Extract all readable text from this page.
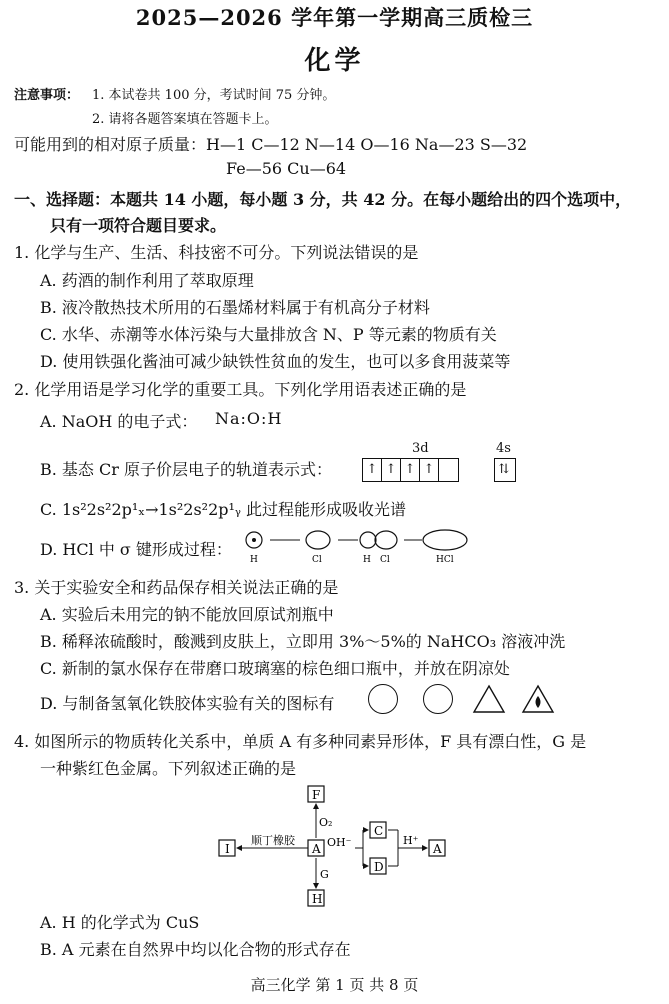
2025—2026 学年第一学期高三质检三
化学
注意事项： 1. 本试卷共 100 分，考试时间 75 分钟。
2. 请将各题答案填在答题卡上。
可能用到的相对原子质量：H—1 C—12 N—14 O—16 Na—23 S—32
Fe—56 Cu—64
一、选择题：本题共 14 小题，每小题 3 分，共 42 分。在每小题给出的四个选项中，
只有一项符合题目要求。
1. 化学与生产、生活、科技密不可分。下列说法错误的是
A. 药酒的制作利用了萃取原理
B. 液冷散热技术所用的石墨烯材料属于有机高分子材料
C. 水华、赤潮等水体污染与大量排放含 N、P 等元素的物质有关
D. 使用铁强化酱油可减少缺铁性贫血的发生，也可以多食用菠菜等
2. 化学用语是学习化学的重要工具。下列化学用语表述正确的是
A. NaOH 的电子式： Na:O:H
B. 基态 Cr 原子价层电子的轨道表示式：
3d	4s
↑ ↑ ↑ ↑	⇅
C. 1s²2s²2p¹ₓ→1s²2s²2p¹ᵧ 此过程能形成吸收光谱
D. HCl 中 σ 键形成过程：
H	Cl	H Cl	HCl
3. 关于实验安全和药品保存相关说法正确的是
A. 实验后未用完的钠不能放回原试剂瓶中
B. 稀释浓硫酸时，酸溅到皮肤上，立即用 3%～5%的 NaHCO₃ 溶液冲洗
C. 新制的氯水保存在带磨口玻璃塞的棕色细口瓶中，并放在阴凉处
D. 与制备氢氧化铁胶体实验有关的图标有

4. 如图所示的物质转化关系中，单质 A 有多种同素异形体，F 具有漂白性，G 是
一种紫红色金属。下列叙述正确的是
F
O₂
I
顺丁橡胶
A OH⁻
C
D
H⁺
A
G
H
A. H 的化学式为 CuS
B. A 元素在自然界中均以化合物的形式存在
高三化学 第 1 页 共 8 页
